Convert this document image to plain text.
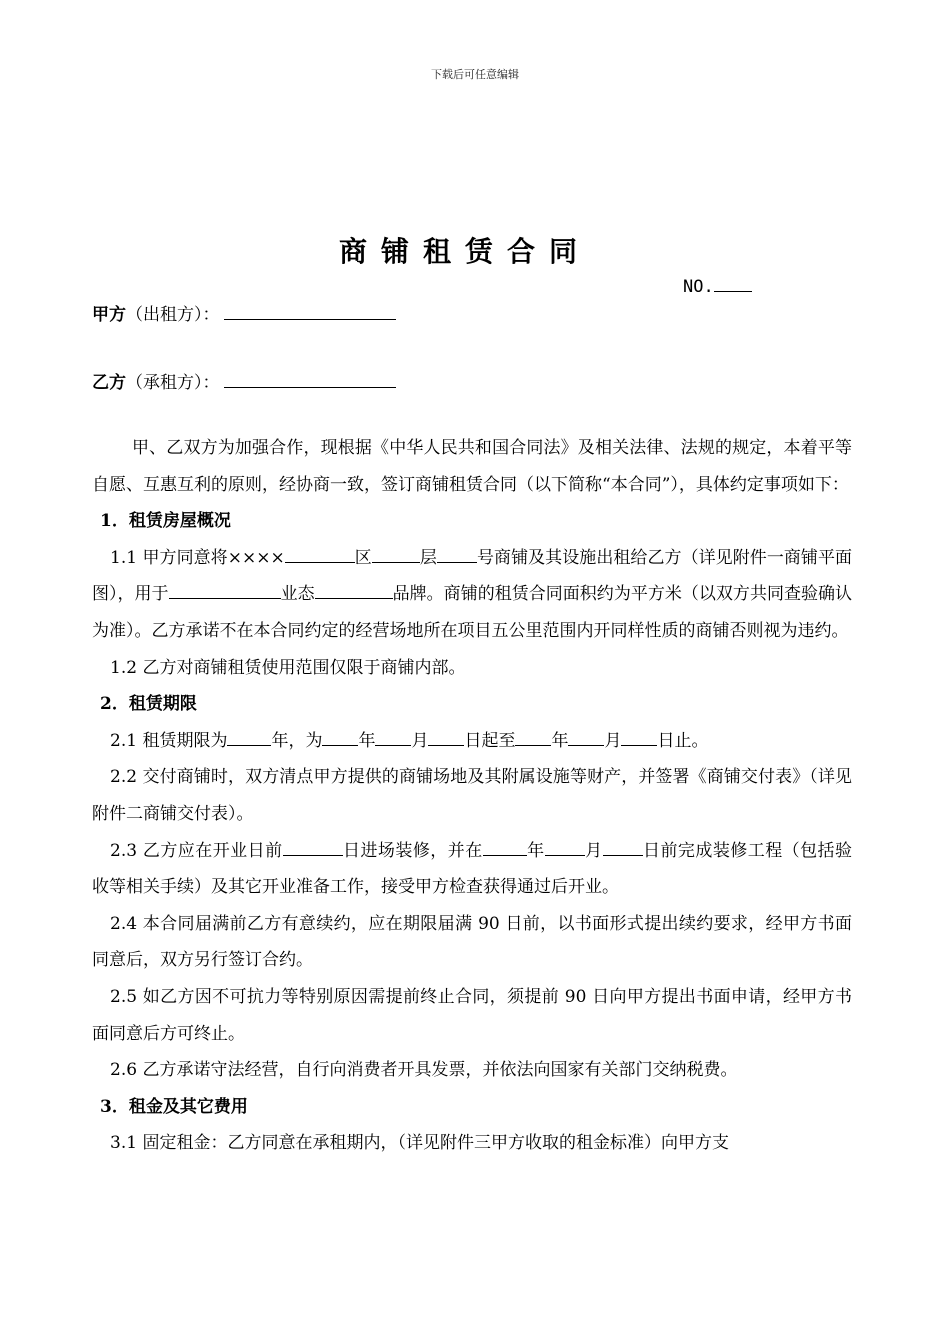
下载后可任意编辑
商铺租赁合同
NO.
甲方（出租方）：
乙方（承租方）：

甲、乙双方为加强合作，现根据《中华人民共和国合同法》及相关法律、法规的规定，本着平等自愿、互惠互利的原则，经协商一致，签订商铺租赁合同（以下简称“本合同”），具体约定事项如下：

1．租赁房屋概况

1.1 甲方同意将××××	区	层 号商铺及其设施出租给乙方（详见附件一商铺平面图），用于	业态	品牌。商铺的租赁合同面积约为平方米（以双方共同查验确认为准）。乙方承诺不在本合同约定的经营场地所在项目五公里范围内开同样性质的商铺否则视为违约。

1.2 乙方对商铺租赁使用范围仅限于商铺内部。

2．租赁期限

2.1 租赁期限为	年，为 年 月 日起至 年 月 日止。

2.2 交付商铺时，双方清点甲方提供的商铺场地及其附属设施等财产，并签署《商铺交付表》（详见附件二商铺交付表）。

2.3 乙方应在开业日前	日进场装修，并在	年 月 日前完成装修工程（包括验收等相关手续）及其它开业准备工作，接受甲方检查获得通过后开业。

2.4 本合同届满前乙方有意续约，应在期限届满 90 日前，以书面形式提出续约要求，经甲方书面同意后，双方另行签订合约。

2.5 如乙方因不可抗力等特别原因需提前终止合同，须提前 90 日向甲方提出书面申请，经甲方书面同意后方可终止。

2.6 乙方承诺守法经营，自行向消费者开具发票，并依法向国家有关部门交纳税费。

3．租金及其它费用

3.1 固定租金：乙方同意在承租期内，（详见附件三甲方收取的租金标准）向甲方支
